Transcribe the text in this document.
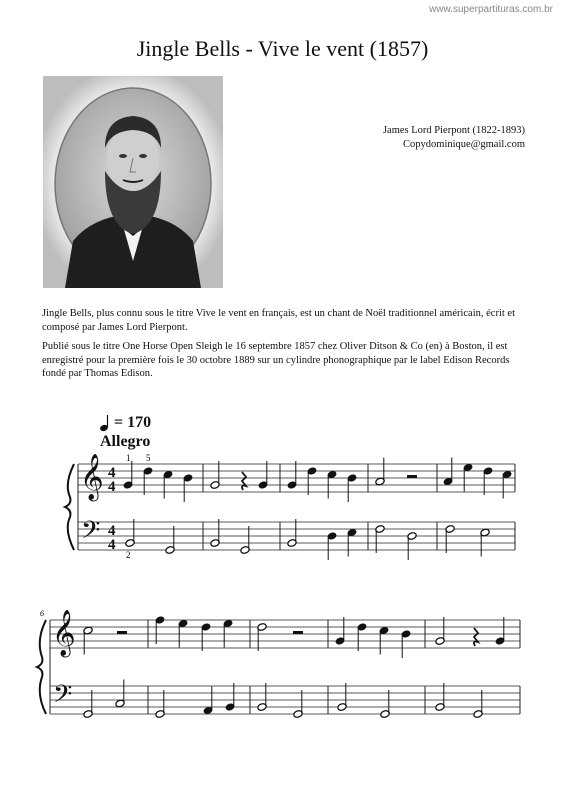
www.superpartituras.com.br
Jingle Bells - Vive le vent (1857)
James Lord Pierpont (1822-1893)
Copydominique@gmail.com

Jingle Bells, plus connu sous le titre Vive le vent en français, est un chant de Noël traditionnel américain, écrit et composé par James Lord Pierpont.

Publié sous le titre One Horse Open Sleigh le 16 septembre 1857 chez Oliver Ditson & Co (en) à Boston, il est enregistré pour la première fois le 30 octobre 1889 sur un cylindre phonographique par le label Edison Records fondé par Thomas Edison.

= 170
Allegro
𝄞
𝄢
4
4
4
4
𝄞
𝄢
1 5
2
6
